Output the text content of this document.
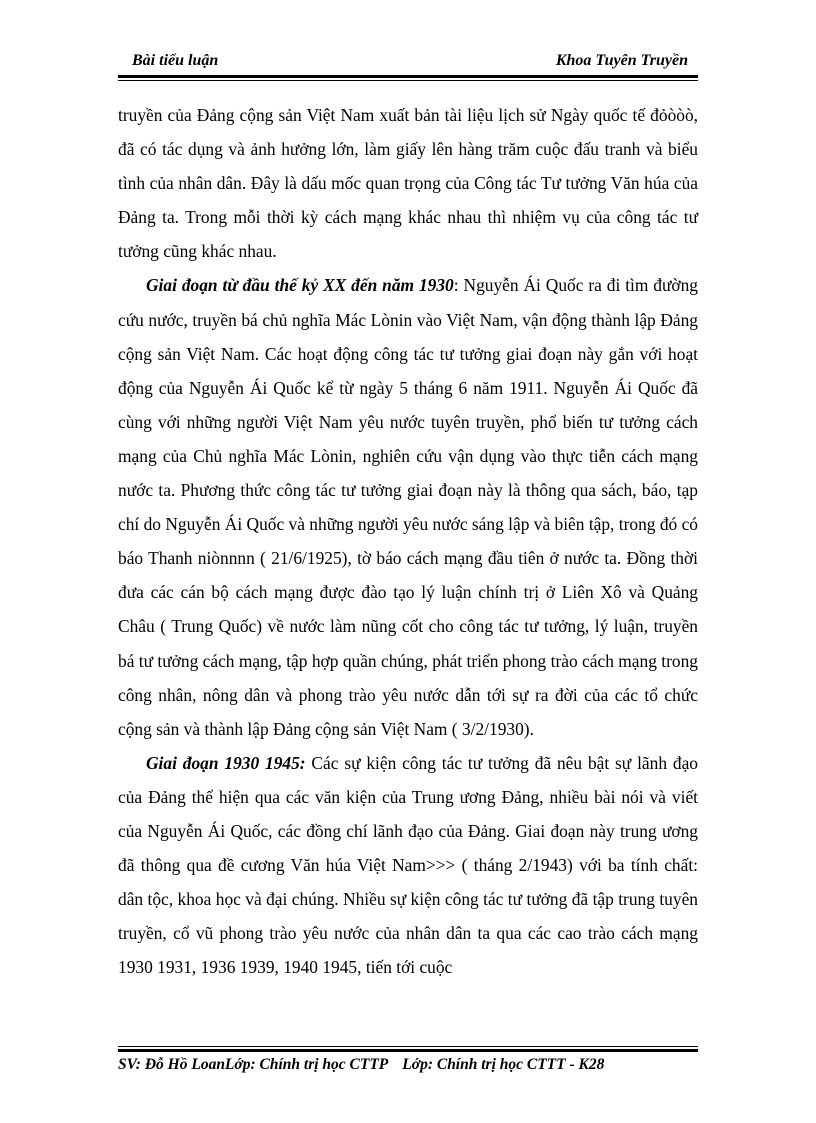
Bài tiểu luận	Khoa Tuyên Truyền

truyền của Đảng cộng sản Việt Nam xuất bản tài liệu lịch sử Ngày quốc tế đỏòòò, đã có tác dụng và ảnh hưởng lớn, làm giấy lên hàng trăm cuộc đấu tranh và biểu tình của nhân dân. Đây là dấu mốc quan trọng của Công tác Tư tưởng Văn húa của Đảng ta. Trong mỗi thời kỳ cách mạng khác nhau thì nhiệm vụ của công tác tư tưởng cũng khác nhau.

Giai đoạn từ đầu thế kỷ XX đến năm 1930: Nguyễn Ái Quốc ra đi tìm đường cứu nước, truyền bá chủ nghĩa Mác Lònin vào Việt Nam, vận động thành lập Đảng cộng sản Việt Nam. Các hoạt động công tác tư tưởng giai đoạn này gắn với hoạt động của Nguyễn Ái Quốc kể từ ngày 5 tháng 6 năm 1911. Nguyễn Ái Quốc đã cùng với những người Việt Nam yêu nước tuyên truyền, phổ biến tư tưởng cách mạng của Chủ nghĩa Mác Lònin, nghiên cứu vận dụng vào thực tiễn cách mạng nước ta. Phương thức công tác tư tưởng giai đoạn này là thông qua sách, báo, tạp chí do Nguyễn Ái Quốc và những người yêu nước sáng lập và biên tập, trong đó có báo Thanh niònnnn ( 21/6/1925), tờ báo cách mạng đầu tiên ở nước ta. Đồng thời đưa các cán bộ cách mạng được đào tạo lý luận chính trị ở Liên Xô và Quảng Châu ( Trung Quốc) về nước làm nũng cốt cho công tác tư tưởng, lý luận, truyền bá tư tưởng cách mạng, tập hợp quần chúng, phát triển phong trào cách mạng trong công nhân, nông dân và phong trào yêu nước dẫn tới sự ra đời của các tổ chức cộng sản và thành lập Đảng cộng sản Việt Nam ( 3/2/1930).

Giai đoạn 1930 1945: Các sự kiện công tác tư tưởng đã nêu bật sự lãnh đạo của Đảng thể hiện qua các văn kiện của Trung ương Đảng, nhiều bài nói và viết của Nguyễn Ái Quốc, các đồng chí lãnh đạo của Đảng. Giai đoạn này trung ương đã thông qua đề cương Văn húa Việt Nam>>> ( tháng 2/1943) với ba tính chất: dân tộc, khoa học và đại chúng. Nhiều sự kiện công tác tư tưởng đã tập trung tuyên truyền, cổ vũ phong trào yêu nước của nhân dân ta qua các cao trào cách mạng 1930 1931, 1936 1939, 1940 1945, tiến tới cuộc

SV: Đỗ Hồ LoanLớp: Chính trị học CTTP Lớp: Chính trị học CTTT - K28
